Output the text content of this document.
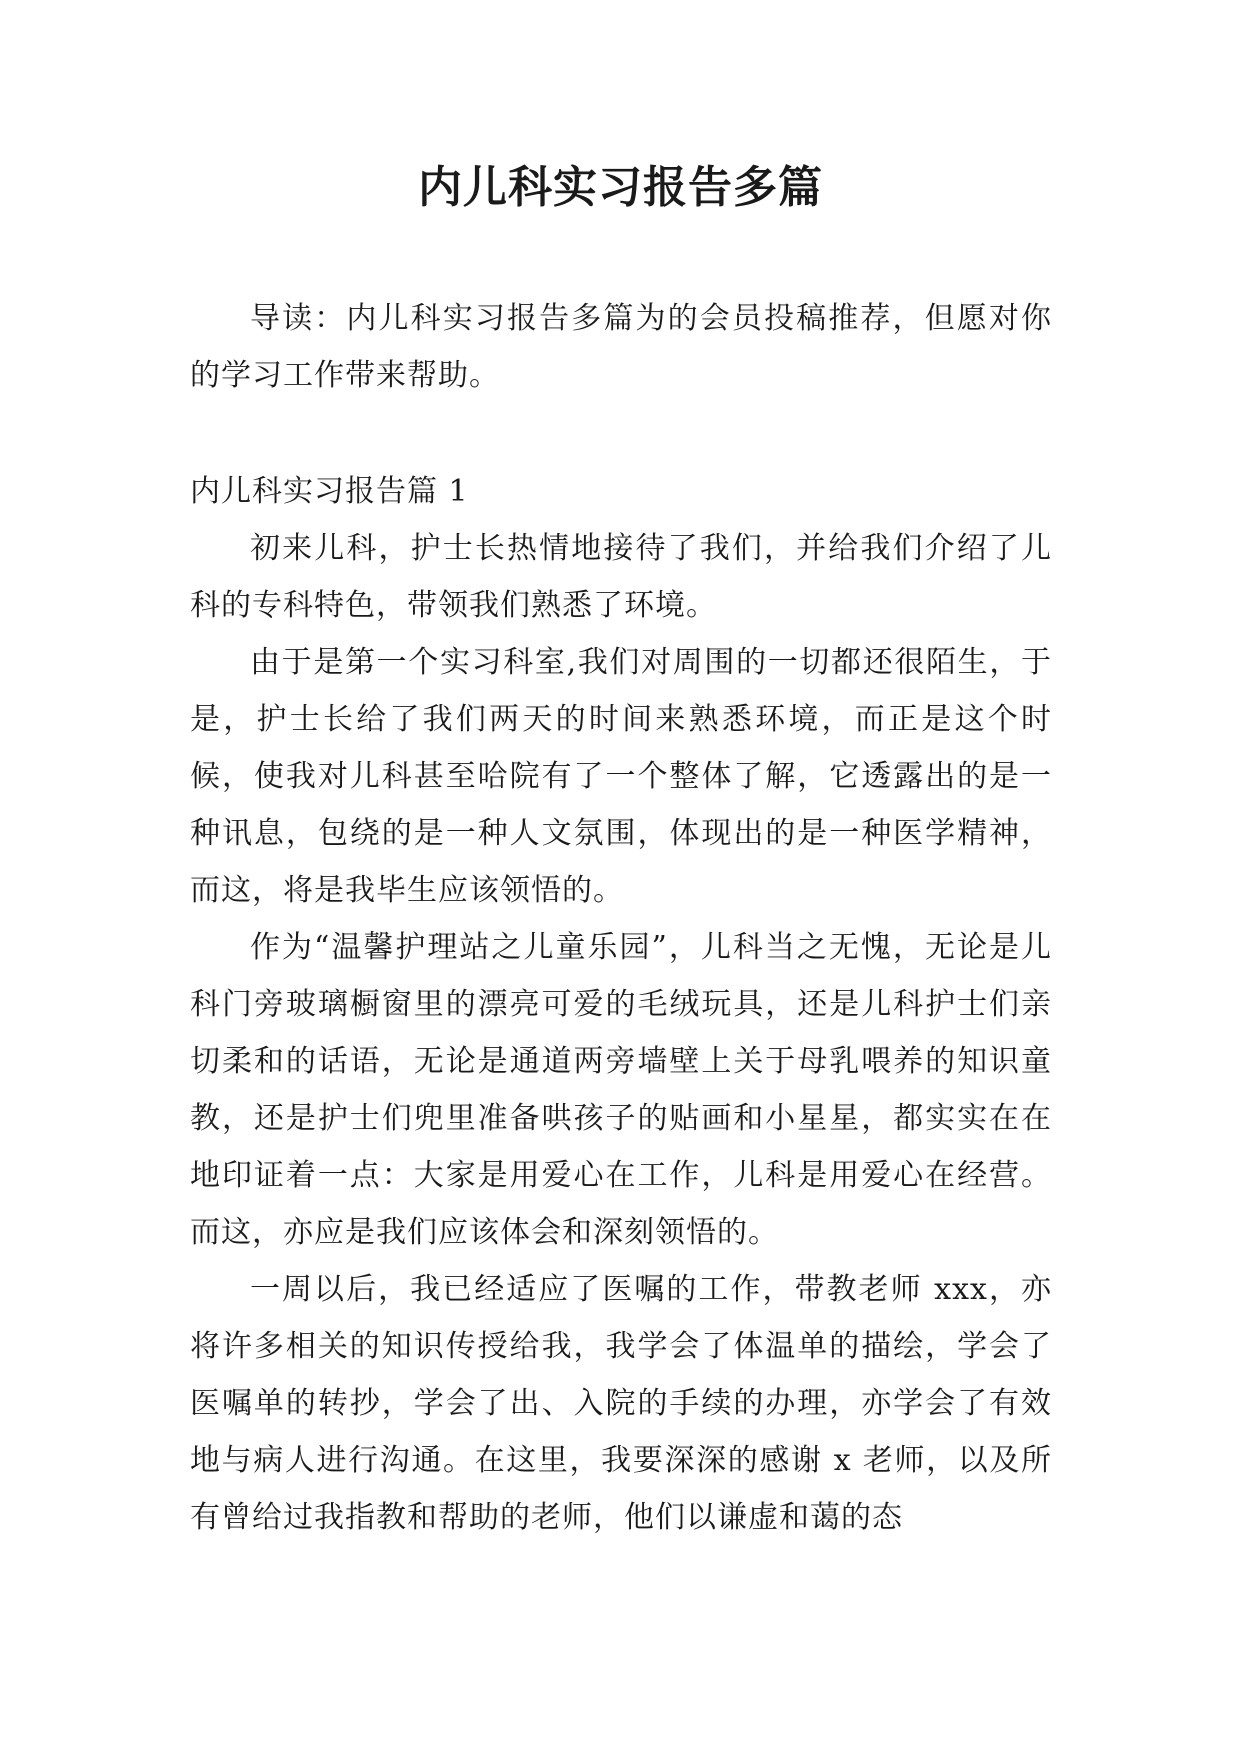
内儿科实习报告多篇

导读：内儿科实习报告多篇为的会员投稿推荐，但愿对你的学习工作带来帮助。

内儿科实习报告篇 1

初来儿科，护士长热情地接待了我们，并给我们介绍了儿科的专科特色，带领我们熟悉了环境。

由于是第一个实习科室,我们对周围的一切都还很陌生，于是，护士长给了我们两天的时间来熟悉环境，而正是这个时候，使我对儿科甚至哈院有了一个整体了解，它透露出的是一种讯息，包绕的是一种人文氛围，体现出的是一种医学精神，而这，将是我毕生应该领悟的。

作为“温馨护理站之儿童乐园”，儿科当之无愧，无论是儿科门旁玻璃橱窗里的漂亮可爱的毛绒玩具，还是儿科护士们亲切柔和的话语，无论是通道两旁墙壁上关于母乳喂养的知识童教，还是护士们兜里准备哄孩子的贴画和小星星，都实实在在地印证着一点：大家是用爱心在工作，儿科是用爱心在经营。而这，亦应是我们应该体会和深刻领悟的。

一周以后，我已经适应了医嘱的工作，带教老师 xxx，亦将许多相关的知识传授给我，我学会了体温单的描绘，学会了医嘱单的转抄，学会了出、入院的手续的办理，亦学会了有效地与病人进行沟通。在这里，我要深深的感谢 x 老师，以及所有曾给过我指教和帮助的老师，他们以谦虚和蔼的态
